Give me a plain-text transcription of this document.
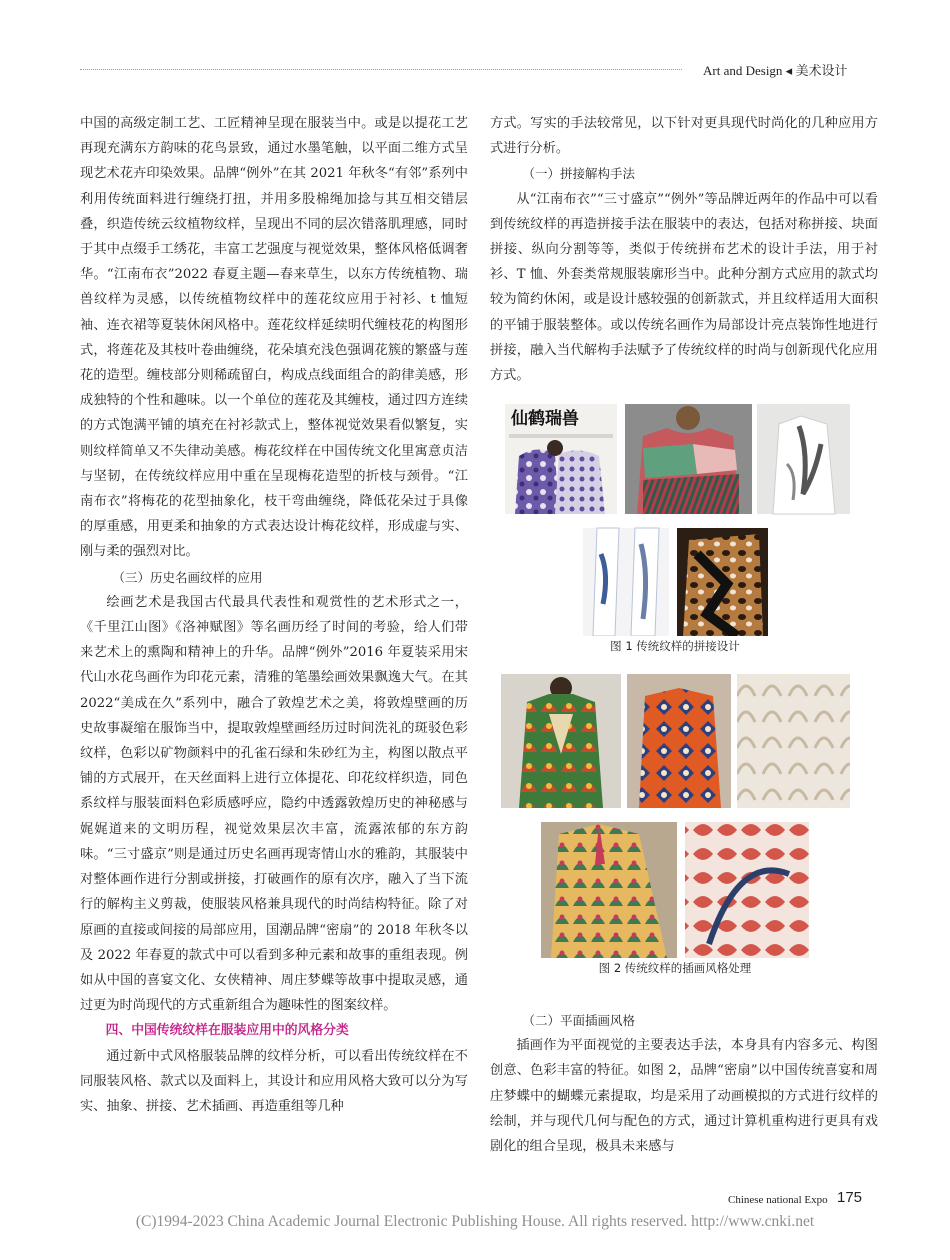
Art and Design ◂ 美术设计

中国的高级定制工艺、工匠精神呈现在服装当中。或是以提花工艺再现充满东方韵味的花鸟景致，通过水墨笔触，以平面二维方式呈现艺术花卉印染效果。品牌“例外”在其 2021 年秋冬“有邻”系列中利用传统面料进行缠绕打扭，并用多股棉绳加捻与其互相交错层叠，织造传统云纹植物纹样，呈现出不同的层次错落肌理感，同时于其中点缀手工绣花，丰富工艺强度与视觉效果，整体风格低调奢华。“江南布衣”2022 春夏主题—春来草生，以东方传统植物、瑞兽纹样为灵感，以传统植物纹样中的莲花纹应用于衬衫、t 恤短袖、连衣裙等夏装休闲风格中。莲花纹样延续明代缠枝花的构图形式，将莲花及其枝叶卷曲缠绕，花朵填充浅色强调花簇的繁盛与莲花的造型。缠枝部分则稀疏留白，构成点线面组合的韵律美感，形成独特的个性和趣味。以一个单位的莲花及其缠枝，通过四方连续的方式饱满平铺的填充在衬衫款式上，整体视觉效果看似繁复，实则纹样简单又不失律动美感。梅花纹样在中国传统文化里寓意贞洁与坚韧，在传统纹样应用中重在呈现梅花造型的折枝与颈骨。“江南布衣”将梅花的花型抽象化，枝干弯曲缠绕，降低花朵过于具像的厚重感，用更柔和抽象的方式表达设计梅花纹样，形成虚与实、刚与柔的强烈对比。

（三）历史名画纹样的应用

绘画艺术是我国古代最具代表性和观赏性的艺术形式之一，《千里江山图》《洛神赋图》等名画历经了时间的考验，给人们带来艺术上的熏陶和精神上的升华。品牌“例外”2016 年夏装采用宋代山水花鸟画作为印花元素，清雅的笔墨绘画效果飘逸大气。在其 2022“美成在久”系列中，融合了敦煌艺术之美，将敦煌壁画的历史故事凝缩在服饰当中，提取敦煌壁画经历过时间洗礼的斑驳色彩纹样，色彩以矿物颜料中的孔雀石绿和朱砂红为主，构图以散点平铺的方式展开，在天丝面料上进行立体提花、印花纹样织造，同色系纹样与服装面料色彩质感呼应，隐约中透露敦煌历史的神秘感与娓娓道来的文明历程，视觉效果层次丰富，流露浓郁的东方韵味。“三寸盛京”则是通过历史名画再现寄情山水的雅韵，其服装中对整体画作进行分割或拼接，打破画作的原有次序，融入了当下流行的解构主义剪裁，使服装风格兼具现代的时尚结构特征。除了对原画的直接或间接的局部应用，国潮品牌“密扇”的 2018 年秋冬以及 2022 年春夏的款式中可以看到多种元素和故事的重组表现。例如从中国的喜宴文化、女侠精神、周庄梦蝶等故事中提取灵感，通过更为时尚现代的方式重新组合为趣味性的图案纹样。

四、中国传统纹样在服装应用中的风格分类

通过新中式风格服装品牌的纹样分析，可以看出传统纹样在不同服装风格、款式以及面料上，其设计和应用风格大致可以分为写实、抽象、拼接、艺术插画、再造重组等几种

方式。写实的手法较常见，以下针对更具现代时尚化的几种应用方式进行分析。

（一）拼接解构手法

从“江南布衣”“三寸盛京”“例外”等品牌近两年的作品中可以看到传统纹样的再造拼接手法在服装中的表达，包括对称拼接、块面拼接、纵向分割等等，类似于传统拼布艺术的设计手法，用于衬衫、T 恤、外套类常规服装廓形当中。此种分割方式应用的款式均较为简约休闲，或是设计感较强的创新款式，并且纹样适用大面积的平铺于服装整体。或以传统名画作为局部设计亮点装饰性地进行拼接，融入当代解构手法赋予了传统纹样的时尚与创新现代化应用方式。

仙鹤瑞兽
图 1 传统纹样的拼接设计
图 2 传统纹样的插画风格处理

（二）平面插画风格

插画作为平面视觉的主要表达手法，本身具有内容多元、构图创意、色彩丰富的特征。如图 2，品牌“密扇”以中国传统喜宴和周庄梦蝶中的蝴蝶元素提取，均是采用了动画模拟的方式进行纹样的绘制，并与现代几何与配色的方式，通过计算机重构进行更具有戏剧化的组合呈现，极具未来感与

Chinese national Expo 175
(C)1994-2023 China Academic Journal Electronic Publishing House. All rights reserved. http://www.cnki.net
